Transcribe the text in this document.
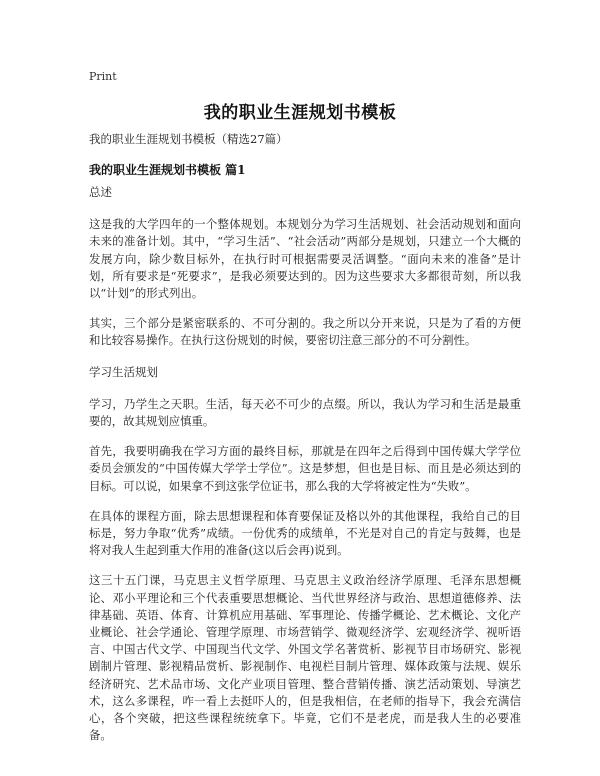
Print
我的职业生涯规划书模板
我的职业生涯规划书模板（精选27篇）
我的职业生涯规划书模板 篇1

总述

这是我的大学四年的一个整体规划。本规划分为学习生活规划、社会活动规划和面向未来的准备计划。其中，“学习生活”、“社会活动”两部分是规划，只建立一个大概的发展方向，除少数目标外，在执行时可根据需要灵活调整。“面向未来的准备”是计划，所有要求是“死要求”，是我必须要达到的。因为这些要求大多都很苛刻，所以我以“计划”的形式列出。

其实，三个部分是紧密联系的、不可分割的。我之所以分开来说，只是为了看的方便和比较容易操作。在执行这份规划的时候，要密切注意三部分的不可分割性。

学习生活规划

学习，乃学生之天职。生活，每天必不可少的点缀。所以，我认为学习和生活是最重要的，故其规划应慎重。

首先，我要明确我在学习方面的最终目标，那就是在四年之后得到中国传媒大学学位委员会颁发的“中国传媒大学学士学位”。这是梦想，但也是目标、而且是必须达到的目标。可以说，如果拿不到这张学位证书，那么我的大学将被定性为“失败”。

在具体的课程方面，除去思想课程和体育要保证及格以外的其他课程，我给自己的目标是，努力争取“优秀”成绩。一份优秀的成绩单，不光是对自己的肯定与鼓舞，也是将对我人生起到重大作用的准备(这以后会再)说到。

这三十五门课，马克思主义哲学原理、马克思主义政治经济学原理、毛泽东思想概论、邓小平理论和三个代表重要思想概论、当代世界经济与政治、思想道德修养、法律基础、英语、体育、计算机应用基础、军事理论、传播学概论、艺术概论、文化产业概论、社会学通论、管理学原理、市场营销学、微观经济学、宏观经济学、视听语言、中国古代文学、中国现当代文学、外国文学名著赏析、影视节目市场研究、影视剧制片管理、影视精品赏析、影视制作、电视栏目制片管理、媒体政策与法规、娱乐经济研究、艺术品市场、文化产业项目管理、整合营销传播、演艺活动策划、导演艺术，这么多课程，咋一看上去挺吓人的，但是我相信，在老师的指导下，我会充满信心，各个突破，把这些课程统统拿下。毕竟，它们不是老虎，而是我人生的必要准备。
